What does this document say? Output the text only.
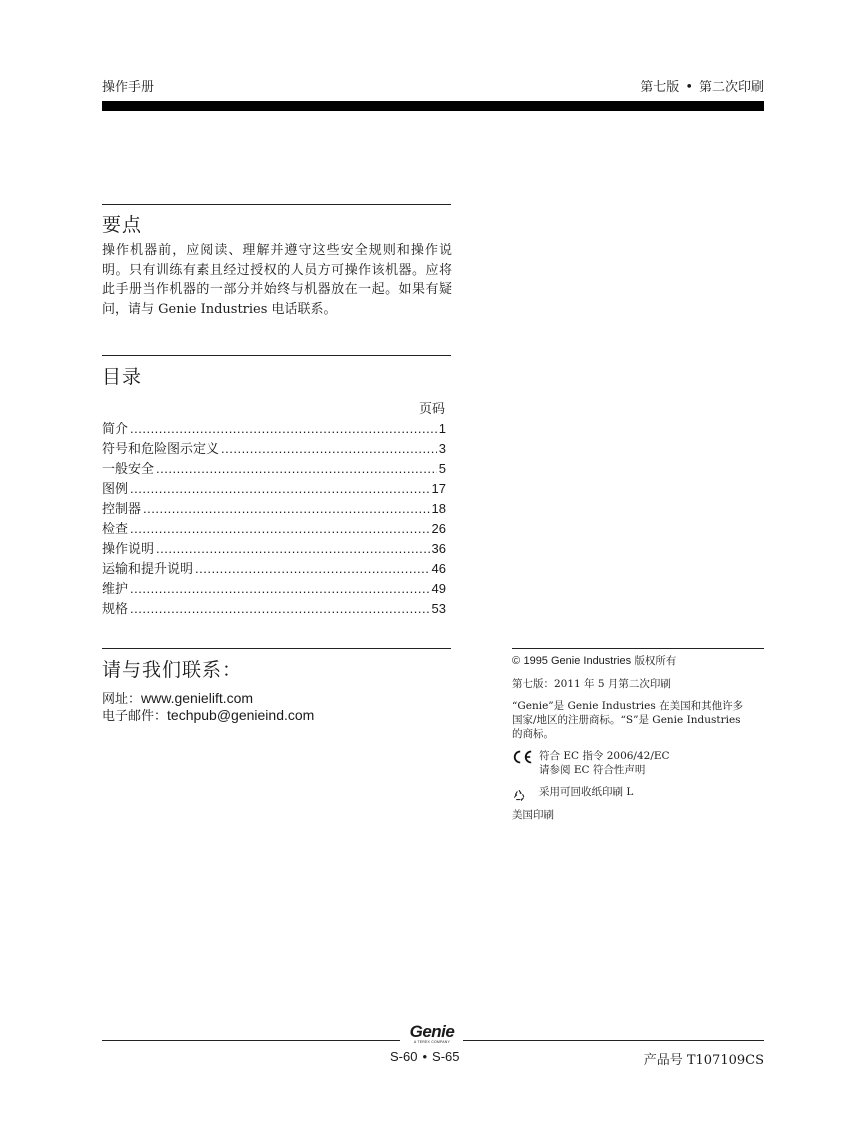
操作手册	第七版 • 第二次印刷
要点
操作机器前，应阅读、理解并遵守这些安全规则和操作说明。只有训练有素且经过授权的人员方可操作该机器。应将此手册当作机器的一部分并始终与机器放在一起。如果有疑问，请与 Genie Industries 电话联系。
目录
页码
简介 .....	1
符号和危险图示定义 .....	3
一般安全 .....	5
图例 .....	17
控制器 .....	18
检查 .....	26
操作说明 .....	36
运输和提升说明 .....	46
维护 .....	49
规格 .....	53
请与我们联系：
网址：www.genielift.com
电子邮件：techpub@genieind.com
© 1995 Genie Industries 版权所有
第七版：2011 年 5 月第二次印刷
“Genie”是 Genie Industries 在美国和其他许多
国家/地区的注册商标。“S”是 Genie Industries
的商标。
符合 EC 指令 2006/42/EC
请参阅 EC 符合性声明
采用可回收纸印刷 L
美国印刷
Genie
A TEREX COMPANY
S-60 • S-65	产品号 T107109CS
